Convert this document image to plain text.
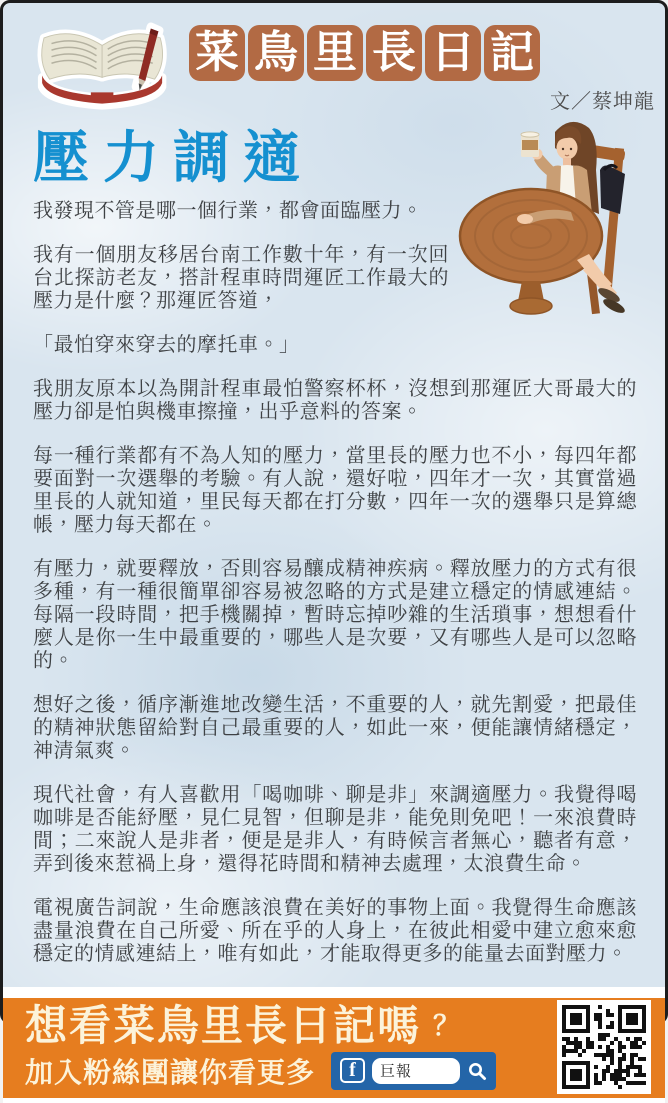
菜 鳥 里 長 日 記
文／蔡坤龍
壓力調適

我發現不管是哪一個行業，都會面臨壓力。

我有一個朋友移居台南工作數十年，有一次回台北探訪老友，搭計程車時問運匠工作最大的壓力是什麼？那運匠答道，

「最怕穿來穿去的摩托車。」

我朋友原本以為開計程車最怕警察杯杯，沒想到那運匠大哥最大的壓力卻是怕與機車擦撞，出乎意料的答案。

每一種行業都有不為人知的壓力，當里長的壓力也不小，每四年都要面對一次選舉的考驗。有人說，還好啦，四年才一次，其實當過里長的人就知道，里民每天都在打分數，四年一次的選舉只是算總帳，壓力每天都在。

有壓力，就要釋放，否則容易釀成精神疾病。釋放壓力的方式有很多種，有一種很簡單卻容易被忽略的方式是建立穩定的情感連結。每隔一段時間，把手機關掉，暫時忘掉吵雜的生活瑣事，想想看什麼人是你一生中最重要的，哪些人是次要，又有哪些人是可以忽略的。

想好之後，循序漸進地改變生活，不重要的人，就先割愛，把最佳的精神狀態留給對自己最重要的人，如此一來，便能讓情緒穩定，神清氣爽。

現代社會，有人喜歡用「喝咖啡、聊是非」來調適壓力。我覺得喝咖啡是否能紓壓，見仁見智，但聊是非，能免則免吧！一來浪費時間；二來說人是非者，便是是非人，有時候言者無心，聽者有意，弄到後來惹禍上身，還得花時間和精神去處理，太浪費生命。

電視廣告詞說，生命應該浪費在美好的事物上面。我覺得生命應該盡量浪費在自己所愛、所在乎的人身上，在彼此相愛中建立愈來愈穩定的情感連結上，唯有如此，才能取得更多的能量去面對壓力。

想看菜鳥里長日記嗎 ？
加入粉絲團讓你看更多	f	巨報
